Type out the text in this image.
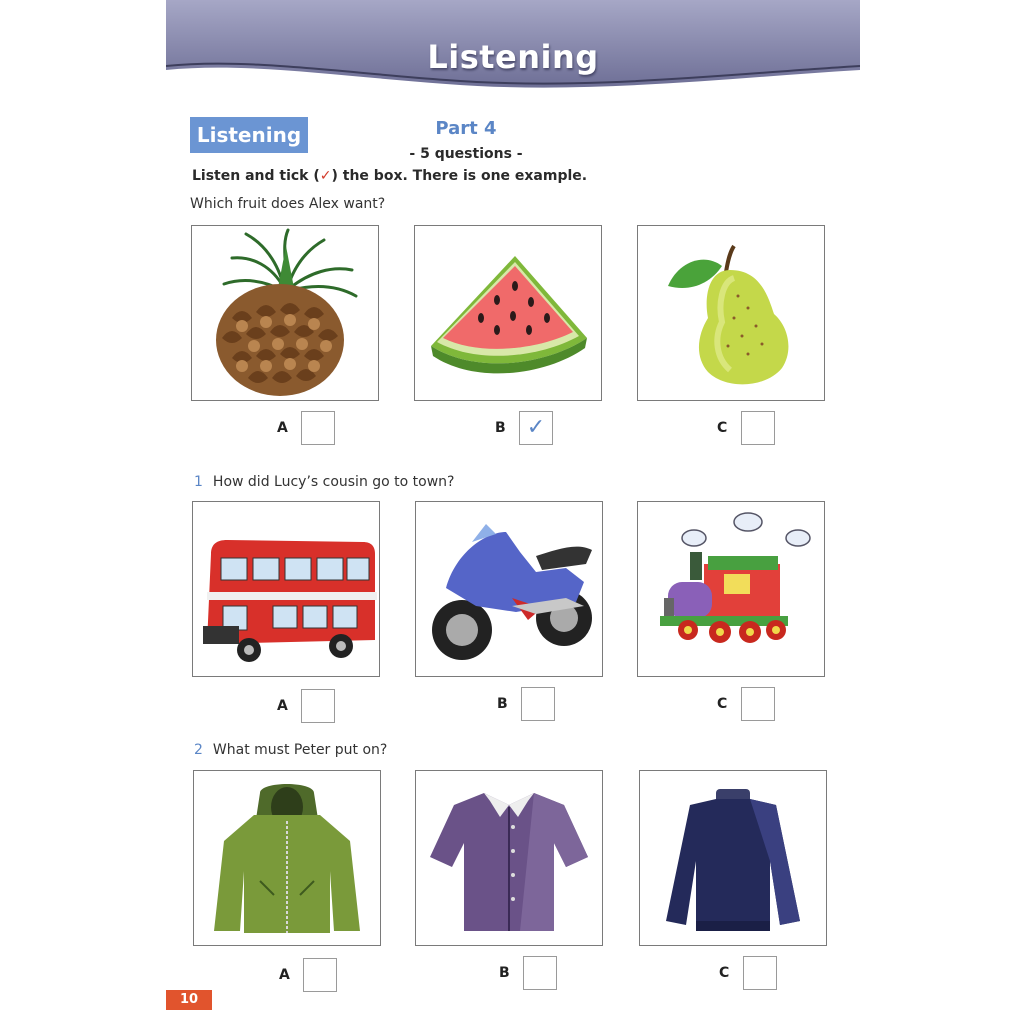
Listening
Listening	Part 4
- 5 questions -
Listen and tick (✓) the box. There is one example.
Which fruit does Alex want?
A	B ✓	C
1 How did Lucy’s cousin go to town?
A	B	C
2 What must Peter put on?
A	B	C
10
